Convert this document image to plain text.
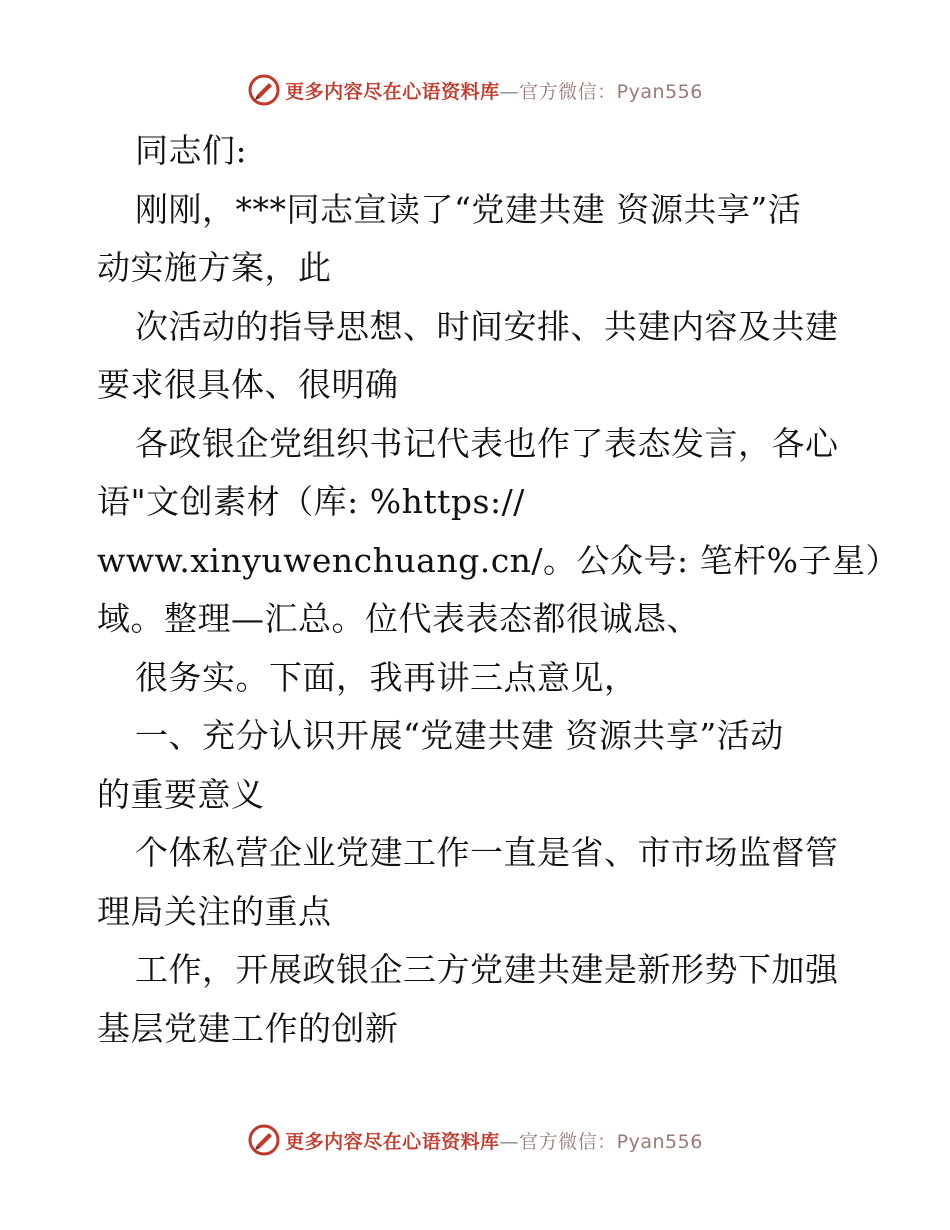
更多内容尽在心语资料库—官方微信：Pyan556
同志们:
刚刚，***同志宣读了“党建共建 资源共享”活
动实施方案，此
次活动的指导思想、时间安排、共建内容及共建
要求很具体、很明确
各政银企党组织书记代表也作了表态发言，各心
语"文创素材（库: %https://
www.xinyuwenchuang.cn/。公众号: 笔杆%子星）
域。整理—汇总。位代表表态都很诚恳、
很务实。下面，我再讲三点意见，
一、充分认识开展“党建共建 资源共享”活动
的重要意义
个体私营企业党建工作一直是省、市市场监督管
理局关注的重点
工作，开展政银企三方党建共建是新形势下加强
基层党建工作的创新
更多内容尽在心语资料库—官方微信：Pyan556
